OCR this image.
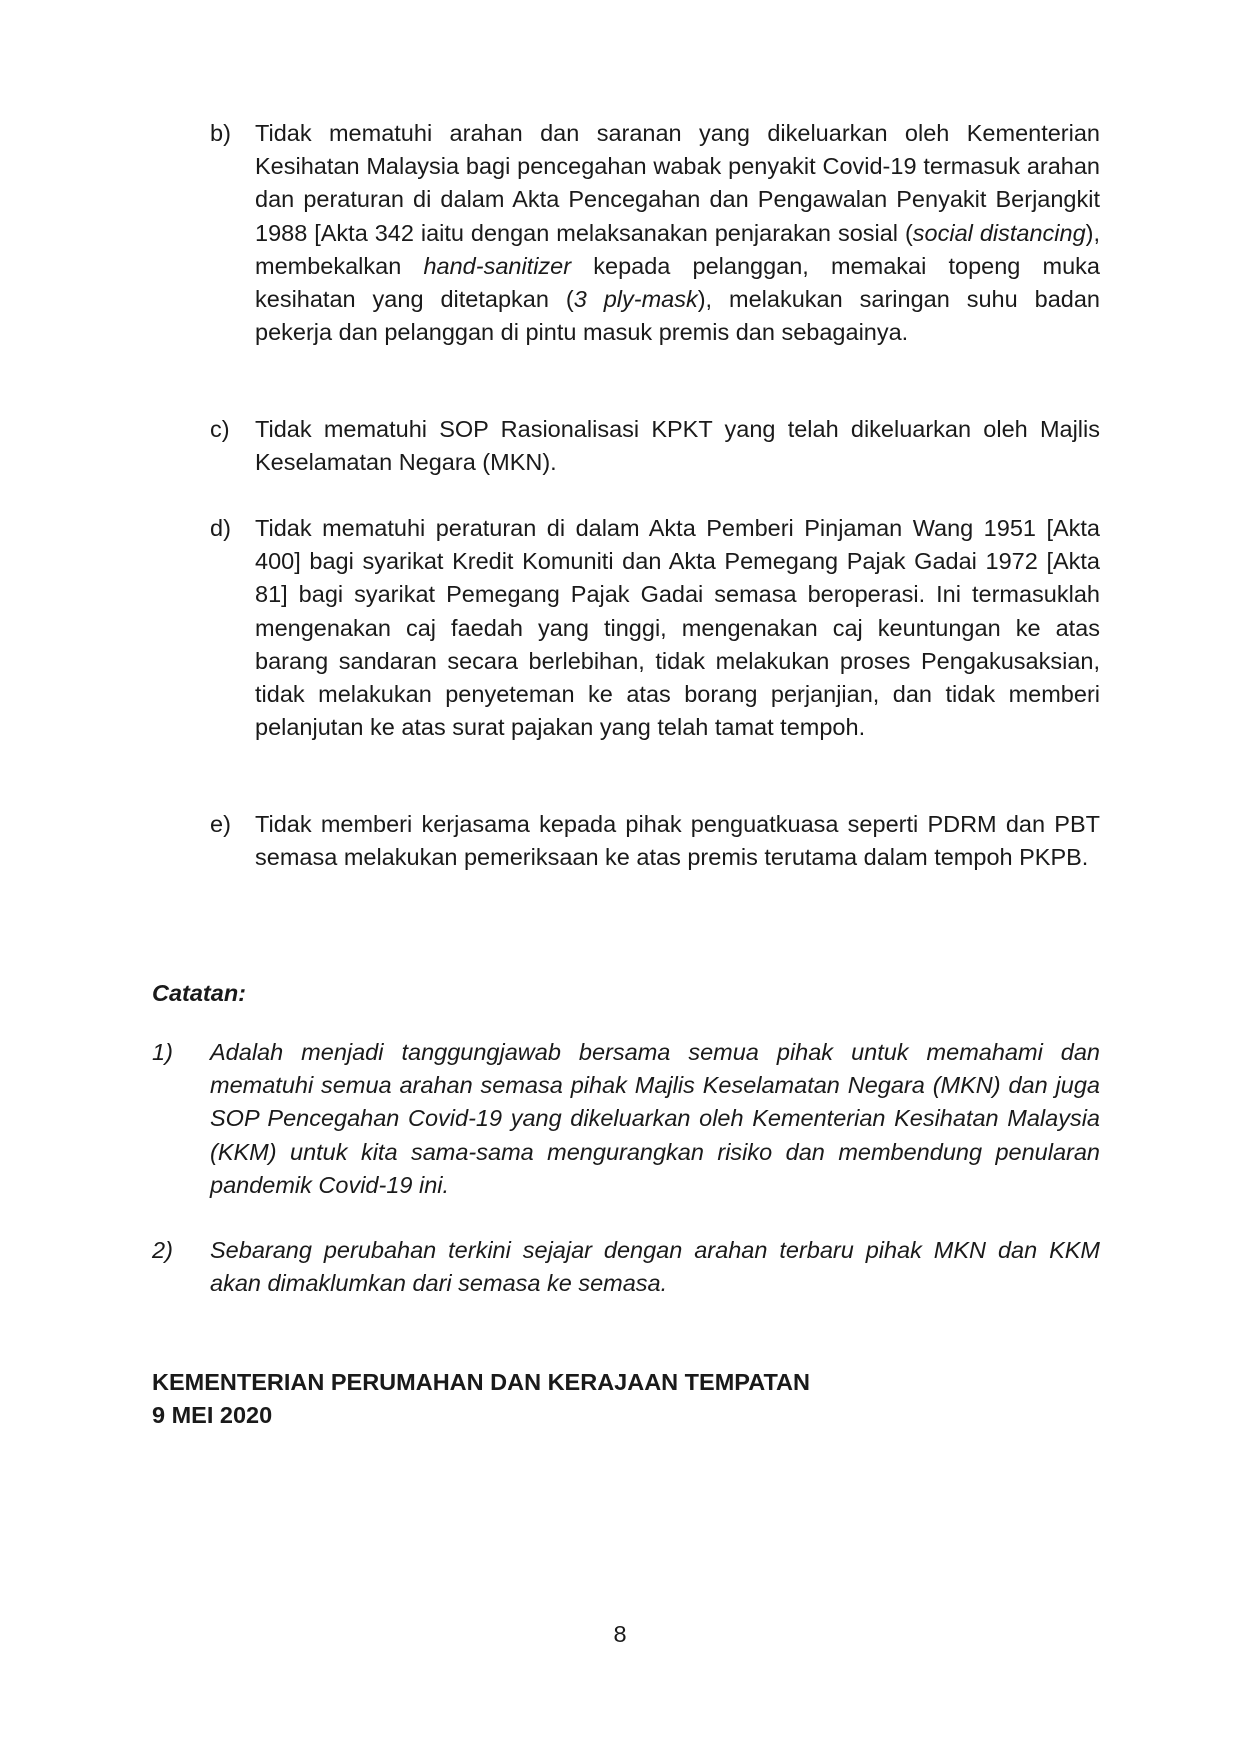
b)	Tidak mematuhi arahan dan saranan yang dikeluarkan oleh Kementerian Kesihatan Malaysia bagi pencegahan wabak penyakit Covid-19 termasuk arahan dan peraturan di dalam Akta Pencegahan dan Pengawalan Penyakit Berjangkit 1988 [Akta 342 iaitu dengan melaksanakan penjarakan sosial (social distancing), membekalkan hand-sanitizer kepada pelanggan, memakai topeng muka kesihatan yang ditetapkan (3 ply-mask), melakukan saringan suhu badan pekerja dan pelanggan di pintu masuk premis dan sebagainya.
c)	Tidak mematuhi SOP Rasionalisasi KPKT yang telah dikeluarkan oleh Majlis Keselamatan Negara (MKN).
d)	Tidak mematuhi peraturan di dalam Akta Pemberi Pinjaman Wang 1951 [Akta 400] bagi syarikat Kredit Komuniti dan Akta Pemegang Pajak Gadai 1972 [Akta 81] bagi syarikat Pemegang Pajak Gadai semasa beroperasi. Ini termasuklah mengenakan caj faedah yang tinggi, mengenakan caj keuntungan ke atas barang sandaran secara berlebihan, tidak melakukan proses Pengakusaksian, tidak melakukan penyeteman ke atas borang perjanjian, dan tidak memberi pelanjutan ke atas surat pajakan yang telah tamat tempoh.
e)	Tidak memberi kerjasama kepada pihak penguatkuasa seperti PDRM dan PBT semasa melakukan pemeriksaan ke atas premis terutama dalam tempoh PKPB.
Catatan:
1)	Adalah menjadi tanggungjawab bersama semua pihak untuk memahami dan mematuhi semua arahan semasa pihak Majlis Keselamatan Negara (MKN) dan juga SOP Pencegahan Covid-19 yang dikeluarkan oleh Kementerian Kesihatan Malaysia (KKM) untuk kita sama-sama mengurangkan risiko dan membendung penularan pandemik Covid-19 ini.
2)	Sebarang perubahan terkini sejajar dengan arahan terbaru pihak MKN dan KKM akan dimaklumkan dari semasa ke semasa.
KEMENTERIAN PERUMAHAN DAN KERAJAAN TEMPATAN
9 MEI 2020
8
